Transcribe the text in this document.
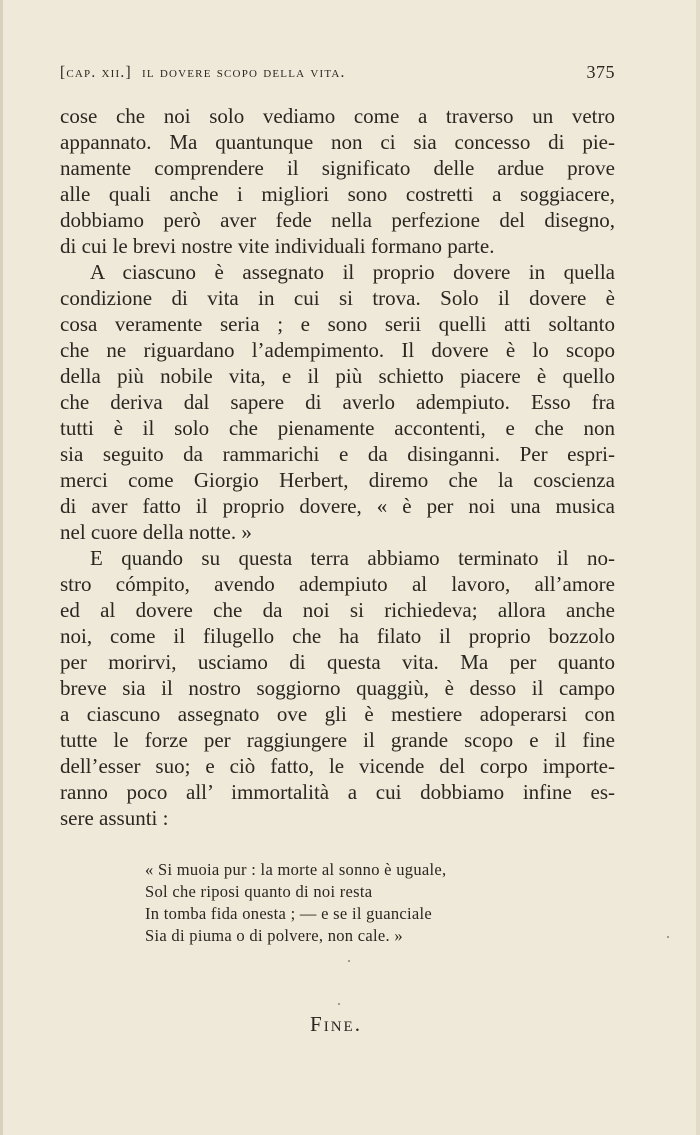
[cap. xii.]  il dovere scopo della vita.	375
cose che noi solo vediamo come a traverso un vetro
appannato. Ma quantunque non ci sia concesso di pie-
namente comprendere il significato delle ardue prove
alle quali anche i migliori sono costretti a soggiacere,
dobbiamo però aver fede nella perfezione del disegno,
di cui le brevi nostre vite individuali formano parte.
A ciascuno è assegnato il proprio dovere in quella
condizione di vita in cui si trova. Solo il dovere è
cosa veramente seria ; e sono serii quelli atti soltanto
che ne riguardano l’adempimento. Il dovere è lo scopo
della più nobile vita, e il più schietto piacere è quello
che deriva dal sapere di averlo adempiuto. Esso fra
tutti è il solo che pienamente accontenti, e che non
sia seguito da rammarichi e da disinganni. Per espri-
merci come Giorgio Herbert, diremo che la coscienza
di aver fatto il proprio dovere, « è per noi una musica
nel cuore della notte. »
E quando su questa terra abbiamo terminato il no-
stro cómpito, avendo adempiuto al lavoro, all’amore
ed al dovere che da noi si richiedeva; allora anche
noi, come il filugello che ha filato il proprio bozzolo
per morirvi, usciamo di questa vita. Ma per quanto
breve sia il nostro soggiorno quaggiù, è desso il campo
a ciascuno assegnato ove gli è mestiere adoperarsi con
tutte le forze per raggiungere il grande scopo e il fine
dell’esser suo; e ciò fatto, le vicende del corpo importe-
ranno poco all’ immortalità a cui dobbiamo infine es-
sere assunti :
« Si muoia pur : la morte al sonno è uguale,
Sol che riposi quanto di noi resta
In tomba fida onesta ; — e se il guanciale
Sia di piuma o di polvere, non cale. »
Fine.
